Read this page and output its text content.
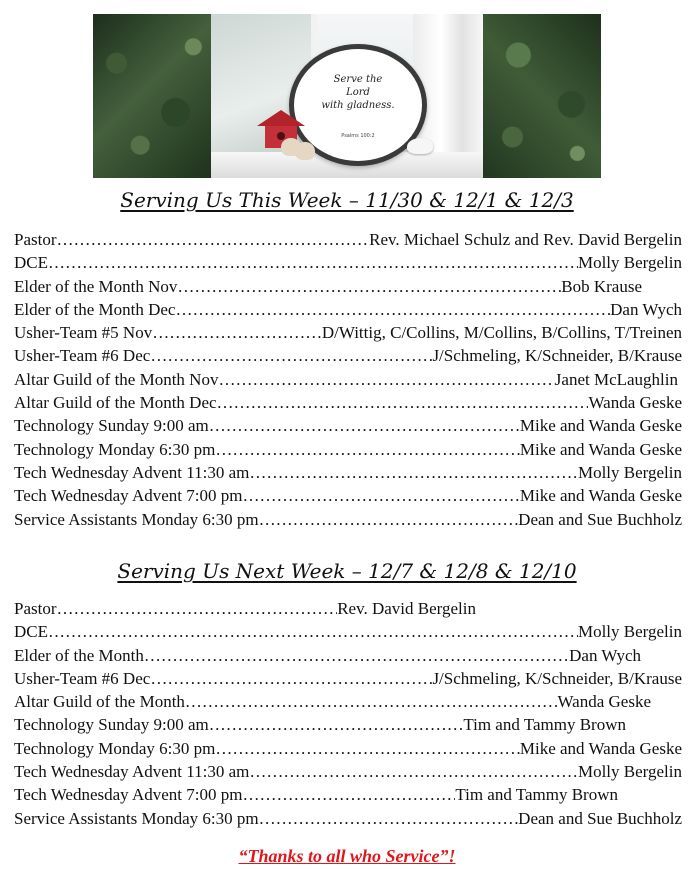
Serve the
Lord
with gladness.
Psalms 100:2
Serving Us This Week – 11/30 & 12/1 & 12/3
Pastor …………………………………………………………………………………………………………	Rev. Michael Schulz and Rev. David Bergelin
DCE …………………………………………………………………………………………………………	Molly Bergelin
Elder of the Month Nov …………………………………………………………………………………………………………	Bob Krause
Elder of the Month Dec …………………………………………………………………………………………………………	Dan Wych
Usher-Team #5 Nov …………………………………………………………………………………………………………	D/Wittig, C/Collins, M/Collins, B/Collins, T/Treinen
Usher-Team #6 Dec …………………………………………………………………………………………………………	J/Schmeling, K/Schneider, B/Krause
Altar Guild of the Month Nov …………………………………………………………………………………………………………	Janet McLaughlin
Altar Guild of the Month Dec …………………………………………………………………………………………………………	Wanda Geske
Technology Sunday 9:00 am …………………………………………………………………………………………………………	Mike and Wanda Geske
Technology Monday 6:30 pm …………………………………………………………………………………………………………	Mike and Wanda Geske
Tech Wednesday Advent 11:30 am …………………………………………………………………………………………………………	Molly Bergelin
Tech Wednesday Advent 7:00 pm …………………………………………………………………………………………………………	Mike and Wanda Geske
Service Assistants Monday 6:30 pm …………………………………………………………………………………………………………	Dean and Sue Buchholz
Serving Us Next Week – 12/7 & 12/8 & 12/10
Pastor …………………………………………………………………………………………………………	Rev. David Bergelin
DCE …………………………………………………………………………………………………………	Molly Bergelin
Elder of the Month …………………………………………………………………………………………………………	Dan Wych
Usher-Team #6 Dec …………………………………………………………………………………………………………	J/Schmeling, K/Schneider, B/Krause
Altar Guild of the Month …………………………………………………………………………………………………………	Wanda Geske
Technology Sunday 9:00 am …………………………………………………………………………………………………………	Tim and Tammy Brown
Technology Monday 6:30 pm …………………………………………………………………………………………………………	Mike and Wanda Geske
Tech Wednesday Advent 11:30 am …………………………………………………………………………………………………………	Molly Bergelin
Tech Wednesday Advent 7:00 pm …………………………………………………………………………………………………………	Tim and Tammy Brown
Service Assistants Monday 6:30 pm …………………………………………………………………………………………………………	Dean and Sue Buchholz
“Thanks to all who Service”!
